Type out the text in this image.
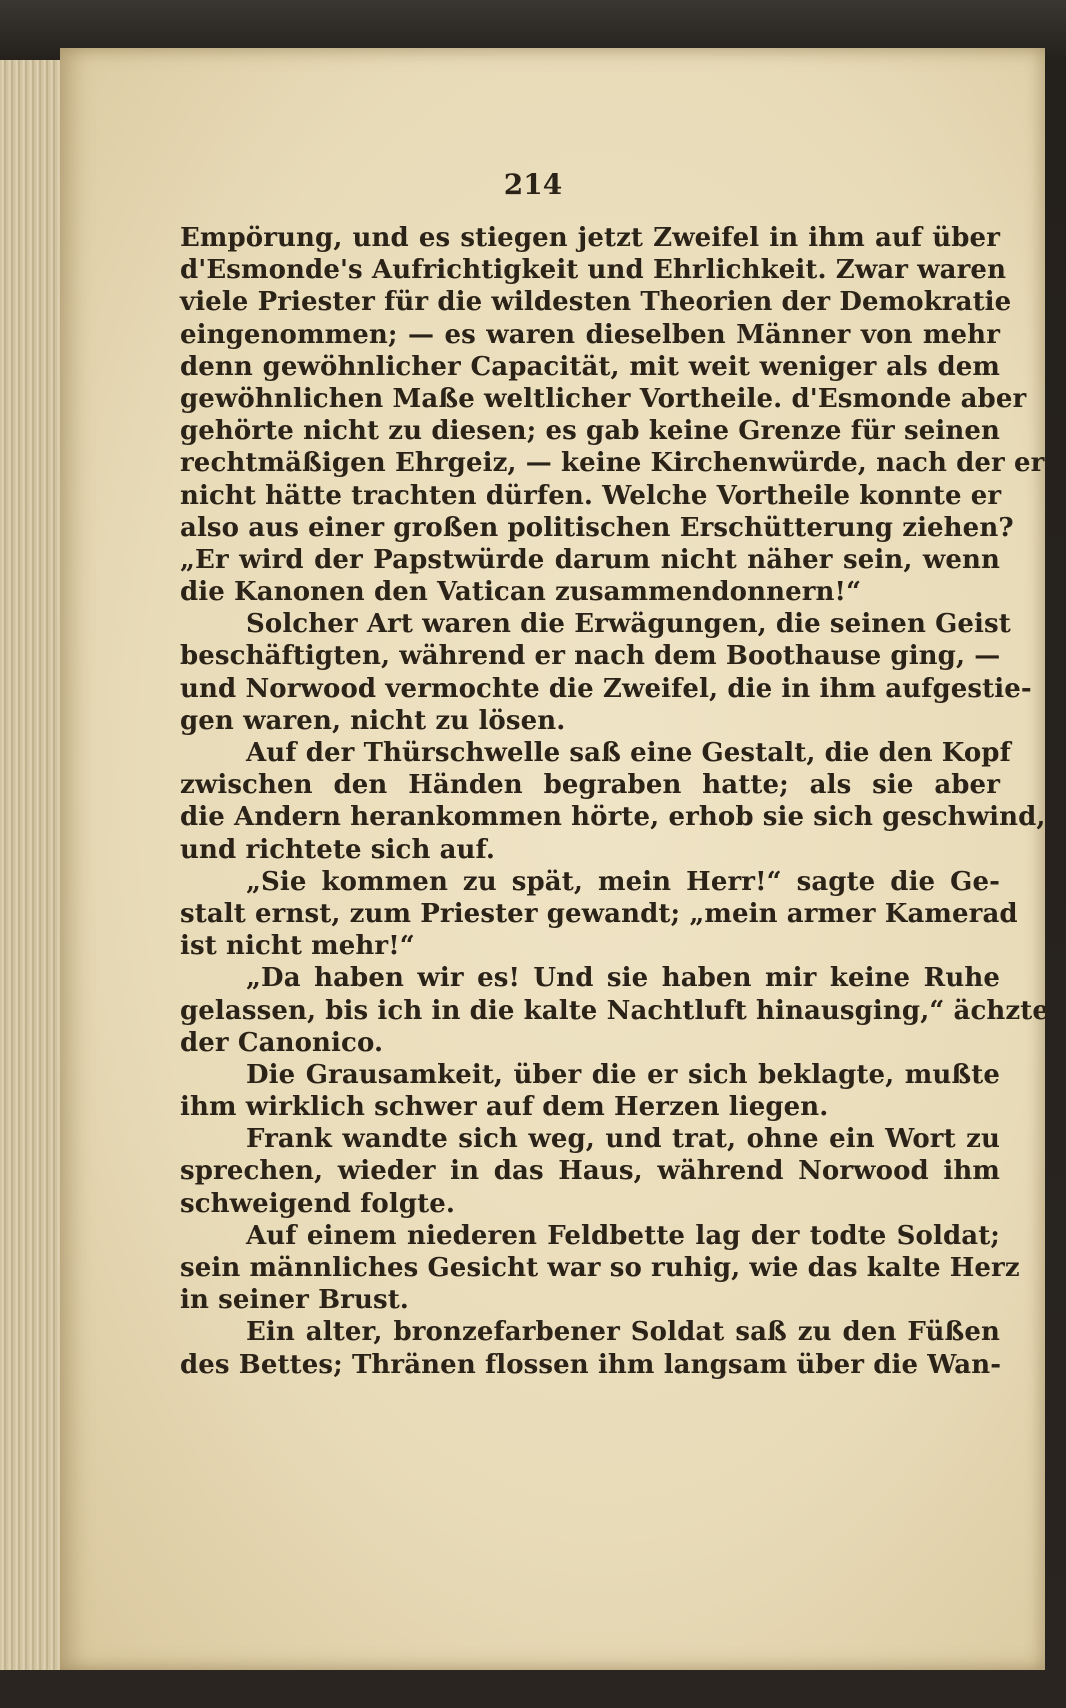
214
Empörung, und es stiegen jetzt Zweifel in ihm auf über
d'Esmonde's Aufrichtigkeit und Ehrlichkeit. Zwar waren
viele Priester für die wildesten Theorien der Demokratie
eingenommen; — es waren dieselben Männer von mehr
denn gewöhnlicher Capacität, mit weit weniger als dem
gewöhnlichen Maße weltlicher Vortheile. d'Esmonde aber
gehörte nicht zu diesen; es gab keine Grenze für seinen
rechtmäßigen Ehrgeiz, — keine Kirchenwürde, nach der er
nicht hätte trachten dürfen. Welche Vortheile konnte er
also aus einer großen politischen Erschütterung ziehen?
„Er wird der Papstwürde darum nicht näher sein, wenn
die Kanonen den Vatican zusammendonnern!“
Solcher Art waren die Erwägungen, die seinen Geist
beschäftigten, während er nach dem Boothause ging, —
und Norwood vermochte die Zweifel, die in ihm aufgestie-
gen waren, nicht zu lösen.
Auf der Thürschwelle saß eine Gestalt, die den Kopf
zwischen den Händen begraben hatte; als sie aber
die Andern herankommen hörte, erhob sie sich geschwind,
und richtete sich auf.
„Sie kommen zu spät, mein Herr!“ sagte die Ge-
stalt ernst, zum Priester gewandt; „mein armer Kamerad
ist nicht mehr!“
„Da haben wir es! Und sie haben mir keine Ruhe
gelassen, bis ich in die kalte Nachtluft hinausging,“ ächzte
der Canonico.
Die Grausamkeit, über die er sich beklagte, mußte
ihm wirklich schwer auf dem Herzen liegen.
Frank wandte sich weg, und trat, ohne ein Wort zu
sprechen, wieder in das Haus, während Norwood ihm
schweigend folgte.
Auf einem niederen Feldbette lag der todte Soldat;
sein männliches Gesicht war so ruhig, wie das kalte Herz
in seiner Brust.
Ein alter, bronzefarbener Soldat saß zu den Füßen
des Bettes; Thränen flossen ihm langsam über die Wan-
